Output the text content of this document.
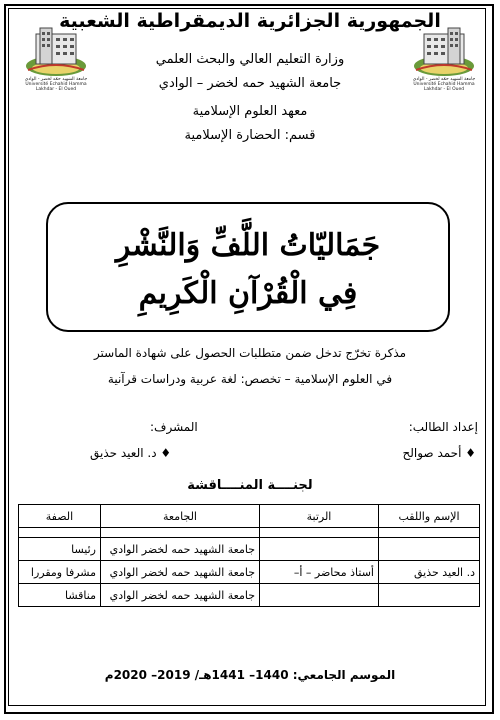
الجمهورية الجزائرية الديمقراطية الشعبية
جامعة الشهيد حمّه لخضر - الوادي
Université Echahid Hamma Lakhdar - El Oued
جامعة الشهيد حمّه لخضر - الوادي
Université Echahid Hamma Lakhdar - El Oued
وزارة التعليم العالي والبحث العلمي
جامعة الشهيد حمه لخضر – الوادي
معهد العلوم الإسلامية
قسم: الحضارة الإسلامية
جَمَاليّاتُ اللَّفِّ وَالنَّشْرِ
فِي الْقُرْآنِ الْكَرِيمِ
مذكرة تخرّج تدخل ضمن متطلبات الحصول على شهادة الماستر
في العلوم الإسلامية – تخصص: لغة عربية ودراسات قرآنية
إعداد الطالب:
المشرف:
♦ أحمد صوالح
♦ د. العيد حذيق
لجنــــة المنــــاقشة
الإسم واللقب	الرتبة	الجامعة	الصفة

		جامعة الشهيد حمه لخضر الوادي	رئيسا
د. العيد حذيق	أستاذ محاضر – أ–	جامعة الشهيد حمه لخضر الوادي	مشرفا ومقررا
		جامعة الشهيد حمه لخضر الوادي	مناقشا
الموسم الجامعي: 1440– 1441هـ/ 2019– 2020م
